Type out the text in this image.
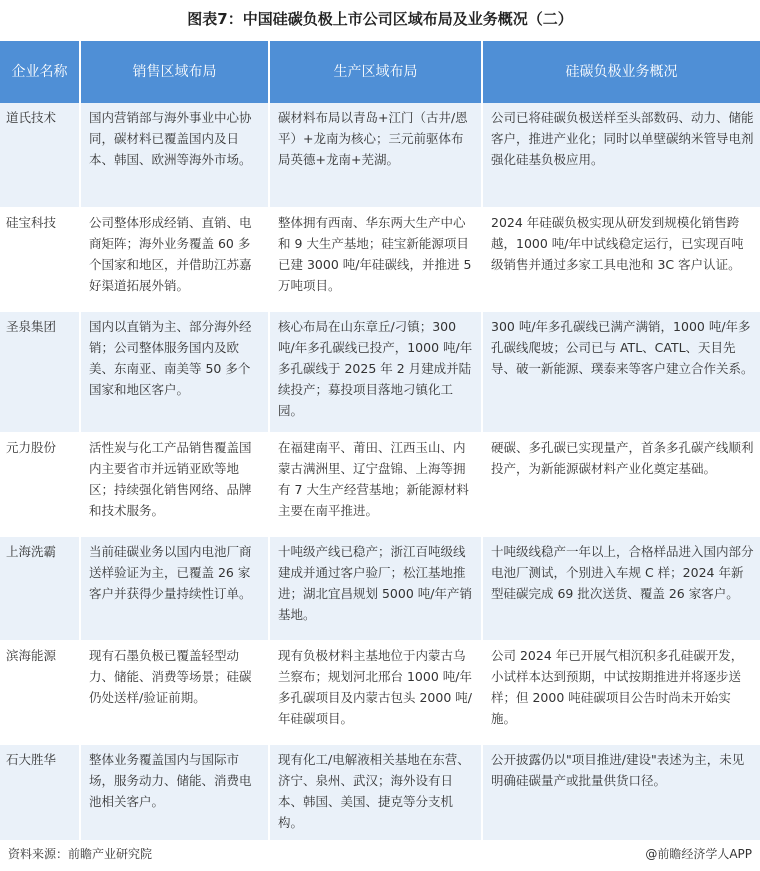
图表7：中国硅碳负极上市公司区域布局及业务概况（二）
企业名称	销售区域布局	生产区域布局	硅碳负极业务概况
道氏技术	国内营销部与海外事业中心协同，碳材料已覆盖国内及日本、韩国、欧洲等海外市场。	碳材料布局以青岛+江门（古井/恩平）+龙南为核心；三元前驱体布局英德+龙南+芜湖。	公司已将硅碳负极送样至头部数码、动力、储能客户，推进产业化；同时以单壁碳纳米管导电剂强化硅基负极应用。
硅宝科技	公司整体形成经销、直销、电商矩阵；海外业务覆盖 60 多个国家和地区，并借助江苏嘉好渠道拓展外销。	整体拥有西南、华东两大生产中心和 9 大生产基地；硅宝新能源项目已建 3000 吨/年硅碳线，并推进 5 万吨项目。	2024 年硅碳负极实现从研发到规模化销售跨越，1000 吨/年中试线稳定运行，已实现百吨级销售并通过多家工具电池和 3C 客户认证。
圣泉集团	国内以直销为主、部分海外经销；公司整体服务国内及欧美、东南亚、南美等 50 多个国家和地区客户。	核心布局在山东章丘/刁镇；300 吨/年多孔碳线已投产，1000 吨/年多孔碳线于 2025 年 2 月建成并陆续投产；募投项目落地刁镇化工园。	300 吨/年多孔碳线已满产满销，1000 吨/年多孔碳线爬坡；公司已与 ATL、CATL、天目先导、破一新能源、璞泰来等客户建立合作关系。
元力股份	活性炭与化工产品销售覆盖国内主要省市并远销亚欧等地区；持续强化销售网络、品牌和技术服务。	在福建南平、莆田、江西玉山、内蒙古满洲里、辽宁盘锦、上海等拥有 7 大生产经营基地；新能源材料主要在南平推进。	硬碳、多孔碳已实现量产，首条多孔碳产线顺利投产，为新能源碳材料产业化奠定基础。
上海洗霸	当前硅碳业务以国内电池厂商送样验证为主，已覆盖 26 家客户并获得少量持续性订单。	十吨级产线已稳产；浙江百吨级线建成并通过客户验厂；松江基地推进；湖北宜昌规划 5000 吨/年产销基地。	十吨级线稳产一年以上，合格样品进入国内部分电池厂测试，个别进入车规 C 样；2024 年新型硅碳完成 69 批次送货、覆盖 26 家客户。
滨海能源	现有石墨负极已覆盖轻型动力、储能、消费等场景；硅碳仍处送样/验证前期。	现有负极材料主基地位于内蒙古乌兰察布；规划河北邢台 1000 吨/年多孔碳项目及内蒙古包头 2000 吨/年硅碳项目。	公司 2024 年已开展气相沉积多孔硅碳开发，小试样本达到预期，中试按期推进并将逐步送样；但 2000 吨硅碳项目公告时尚未开始实施。
石大胜华	整体业务覆盖国内与国际市场，服务动力、储能、消费电池相关客户。	现有化工/电解液相关基地在东营、济宁、泉州、武汉；海外设有日本、韩国、美国、捷克等分支机构。	公开披露仍以"项目推进/建设"表述为主，未见明确硅碳量产或批量供货口径。
资料来源：前瞻产业研究院	@前瞻经济学人APP
